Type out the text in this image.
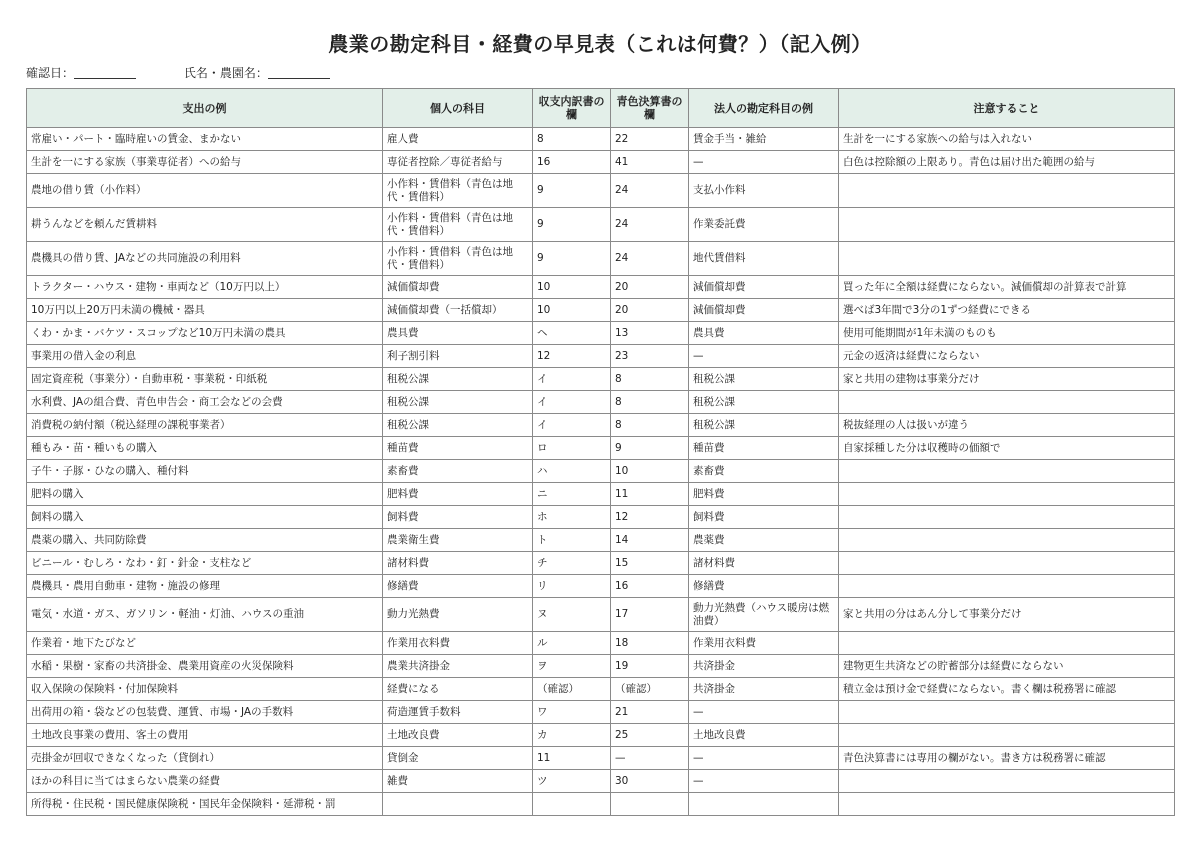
農業の勘定科目・経費の早見表（これは何費？）（記入例）
確認日：	氏名・農園名：
支出の例	個人の科目	収支内訳書の欄	青色決算書の欄	法人の勘定科目の例	注意すること
常雇い・パート・臨時雇いの賃金、まかない	雇人費	8	22	賃金手当・雑給	生計を一にする家族への給与は入れない
生計を一にする家族（事業専従者）への給与	専従者控除／専従者給与	16	41	—	白色は控除額の上限あり。青色は届け出た範囲の給与
農地の借り賃（小作料）	小作料・賃借料（青色は地代・賃借料）	9	24	支払小作料	
耕うんなどを頼んだ賃耕料	小作料・賃借料（青色は地代・賃借料）	9	24	作業委託費	
農機具の借り賃、JAなどの共同施設の利用料	小作料・賃借料（青色は地代・賃借料）	9	24	地代賃借料	
トラクター・ハウス・建物・車両など（10万円以上）	減価償却費	10	20	減価償却費	買った年に全額は経費にならない。減価償却の計算表で計算
10万円以上20万円未満の機械・器具	減価償却費（一括償却）	10	20	減価償却費	選べば3年間で3分の1ずつ経費にできる
くわ・かま・バケツ・スコップなど10万円未満の農具	農具費	ヘ	13	農具費	使用可能期間が1年未満のものも
事業用の借入金の利息	利子割引料	12	23	—	元金の返済は経費にならない
固定資産税（事業分）・自動車税・事業税・印紙税	租税公課	イ	8	租税公課	家と共用の建物は事業分だけ
水利費、JAの組合費、青色申告会・商工会などの会費	租税公課	イ	8	租税公課	
消費税の納付額（税込経理の課税事業者）	租税公課	イ	8	租税公課	税抜経理の人は扱いが違う
種もみ・苗・種いもの購入	種苗費	ロ	9	種苗費	自家採種した分は収穫時の価額で
子牛・子豚・ひなの購入、種付料	素畜費	ハ	10	素畜費	
肥料の購入	肥料費	ニ	11	肥料費	
飼料の購入	飼料費	ホ	12	飼料費	
農薬の購入、共同防除費	農業衛生費	ト	14	農薬費	
ビニール・むしろ・なわ・釘・針金・支柱など	諸材料費	チ	15	諸材料費	
農機具・農用自動車・建物・施設の修理	修繕費	リ	16	修繕費	
電気・水道・ガス、ガソリン・軽油・灯油、ハウスの重油	動力光熱費	ヌ	17	動力光熱費（ハウス暖房は燃油費）	家と共用の分はあん分して事業分だけ
作業着・地下たびなど	作業用衣料費	ル	18	作業用衣料費	
水稲・果樹・家畜の共済掛金、農業用資産の火災保険料	農業共済掛金	ヲ	19	共済掛金	建物更生共済などの貯蓄部分は経費にならない
収入保険の保険料・付加保険料	経費になる	（確認）	（確認）	共済掛金	積立金は預け金で経費にならない。書く欄は税務署に確認
出荷用の箱・袋などの包装費、運賃、市場・JAの手数料	荷造運賃手数料	ワ	21	—	
土地改良事業の費用、客土の費用	土地改良費	カ	25	土地改良費	
売掛金が回収できなくなった（貸倒れ）	貸倒金	11	—	—	青色決算書には専用の欄がない。書き方は税務署に確認
ほかの科目に当てはまらない農業の経費	雑費	ツ	30	—	
所得税・住民税・国民健康保険税・国民年金保険料・延滞税・罰					
